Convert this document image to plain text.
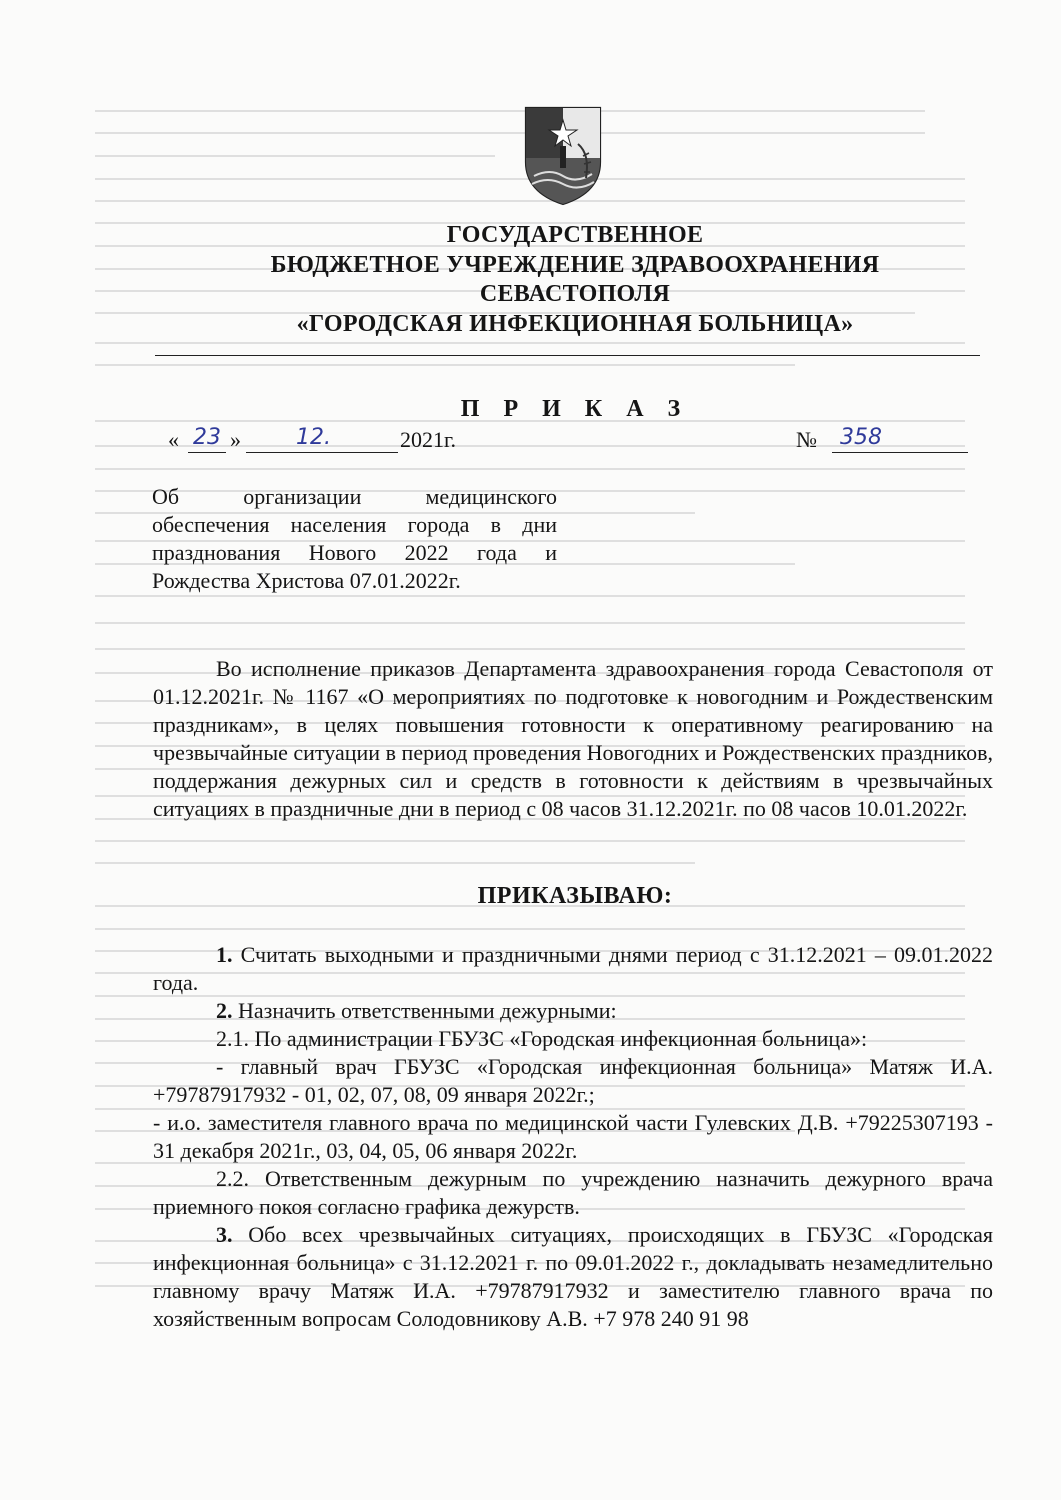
ГОСУДАРСТВЕННОЕ
БЮДЖЕТНОЕ УЧРЕЖДЕНИЕ ЗДРАВООХРАНЕНИЯ
СЕВАСТОПОЛЯ
«ГОРОДСКАЯ ИНФЕКЦИОННАЯ БОЛЬНИЦА»
П Р И К А З
« 23 »	12.	2021г.	№ 358
Об организации медицинского
обеспечения населения города в дни
празднования Нового 2022 года и
Рождества Христова 07.01.2022г.
Во исполнение приказов Департамента здравоохранения города Севастополя от 01.12.2021г. № 1167 «О мероприятиях по подготовке к новогодним и Рождественским праздникам», в целях повышения готовности к оперативному реагированию на чрезвычайные ситуации в период проведения Новогодних и Рождественских праздников, поддержания дежурных сил и средств в готовности к действиям в чрезвычайных ситуациях в праздничные дни в период с 08 часов 31.12.2021г. по 08 часов 10.01.2022г.
ПРИКАЗЫВАЮ:
1. Считать выходными и праздничными днями период с 31.12.2021 – 09.01.2022 года.
2. Назначить ответственными дежурными:
2.1. По администрации ГБУЗС «Городская инфекционная больница»:
- главный врач ГБУЗС «Городская инфекционная больница» Матяж И.А. +79787917932 - 01, 02, 07, 08, 09 января 2022г.;
- и.о. заместителя главного врача по медицинской части Гулевских Д.В. +79225307193 - 31 декабря 2021г., 03, 04, 05, 06 января 2022г.
2.2. Ответственным дежурным по учреждению назначить дежурного врача приемного покоя согласно графика дежурств.
3. Обо всех чрезвычайных ситуациях, происходящих в ГБУЗС «Городская инфекционная больница» с 31.12.2021 г. по 09.01.2022 г., докладывать незамедлительно главному врачу Матяж И.А. +79787917932 и заместителю главного врача по хозяйственным вопросам Солодовникову А.В. +7 978 240 91 98
